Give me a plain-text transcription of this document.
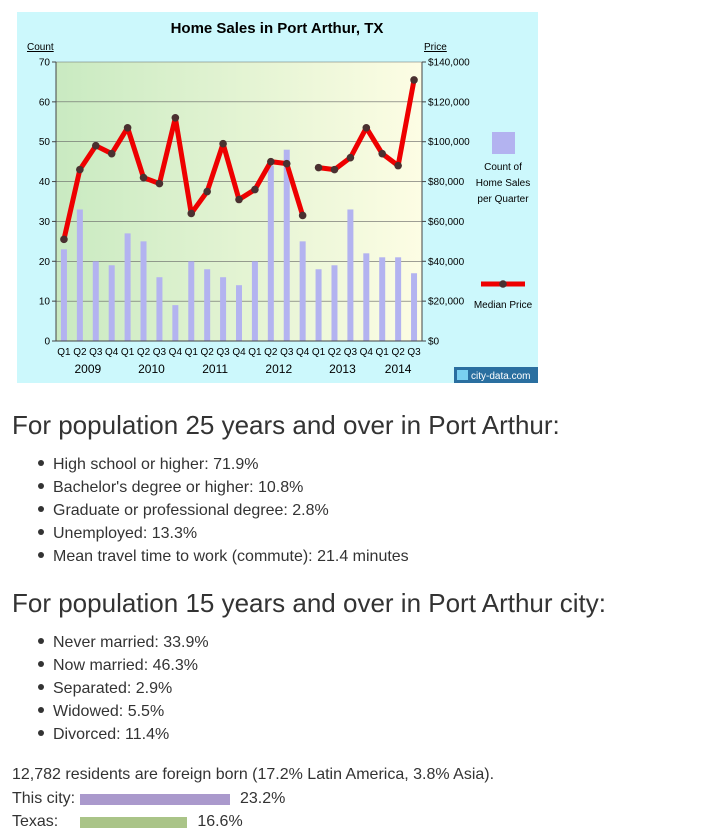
Home Sales in Port Arthur, TX
Count	Price
0
10
20
30
40
50
60
70
$0
$20,000
$40,000
$60,000
$80,000
$100,000
$120,000
$140,000
Q1 Q2 Q3 Q4 Q1 Q2 Q3 Q4 Q1 Q2 Q3 Q4 Q1 Q2 Q3 Q4 Q1 Q2 Q3 Q4 Q1 Q2 Q3
2009	2010	2011	2012	2013 2014
Count of
Home Sales
per Quarter
Median Price
city-data.com
For population 25 years and over in Port Arthur:
High school or higher: 71.9%
Bachelor's degree or higher: 10.8%
Graduate or professional degree: 2.8%
Unemployed: 13.3%
Mean travel time to work (commute): 21.4 minutes
For population 15 years and over in Port Arthur city:
Never married: 33.9%
Now married: 46.3%
Separated: 2.9%
Widowed: 5.5%
Divorced: 11.4%
12,782 residents are foreign born (17.2% Latin America, 3.8% Asia).
This city:	23.2%
Texas:	16.6%
